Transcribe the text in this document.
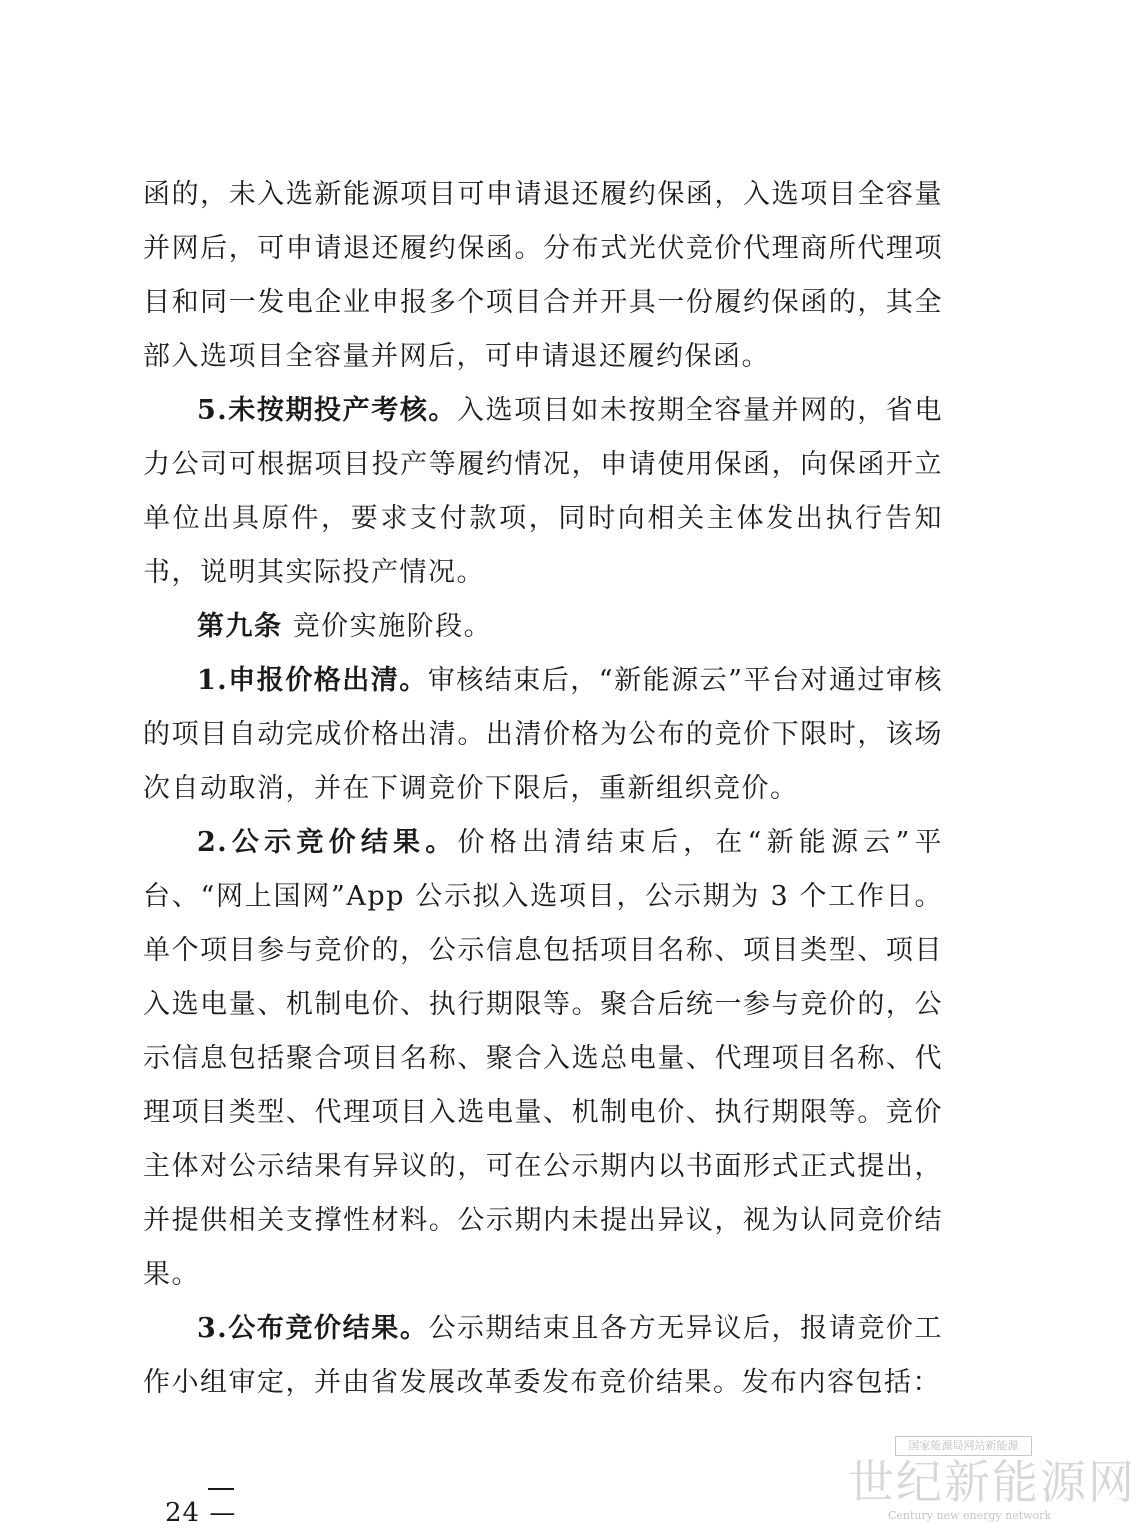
函的，未入选新能源项目可申请退还履约保函，入选项目全容量并网后，可申请退还履约保函。分布式光伏竞价代理商所代理项目和同一发电企业申报多个项目合并开具一份履约保函的，其全部入选项目全容量并网后，可申请退还履约保函。

5.未按期投产考核。入选项目如未按期全容量并网的，省电力公司可根据项目投产等履约情况，申请使用保函，向保函开立单位出具原件，要求支付款项，同时向相关主体发出执行告知书，说明其实际投产情况。

第九条 竞价实施阶段。

1.申报价格出清。审核结束后，“新能源云”平台对通过审核的项目自动完成价格出清。出清价格为公布的竞价下限时，该场次自动取消，并在下调竞价下限后，重新组织竞价。

2.公示竞价结果。价格出清结束后，在“新能源云”平台、“网上国网”App 公示拟入选项目，公示期为 3 个工作日。单个项目参与竞价的，公示信息包括项目名称、项目类型、项目入选电量、机制电价、执行期限等。聚合后统一参与竞价的，公示信息包括聚合项目名称、聚合入选总电量、代理项目名称、代理项目类型、代理项目入选电量、机制电价、执行期限等。竞价主体对公示结果有异议的，可在公示期内以书面形式正式提出，并提供相关支撑性材料。公示期内未提出异议，视为认同竞价结果。

3.公布竞价结果。公示期结束且各方无异议后，报请竞价工作小组审定，并由省发展改革委发布竞价结果。发布内容包括：

24 —
国家能源局网站新能源
世纪新能源网
Century new energy network
